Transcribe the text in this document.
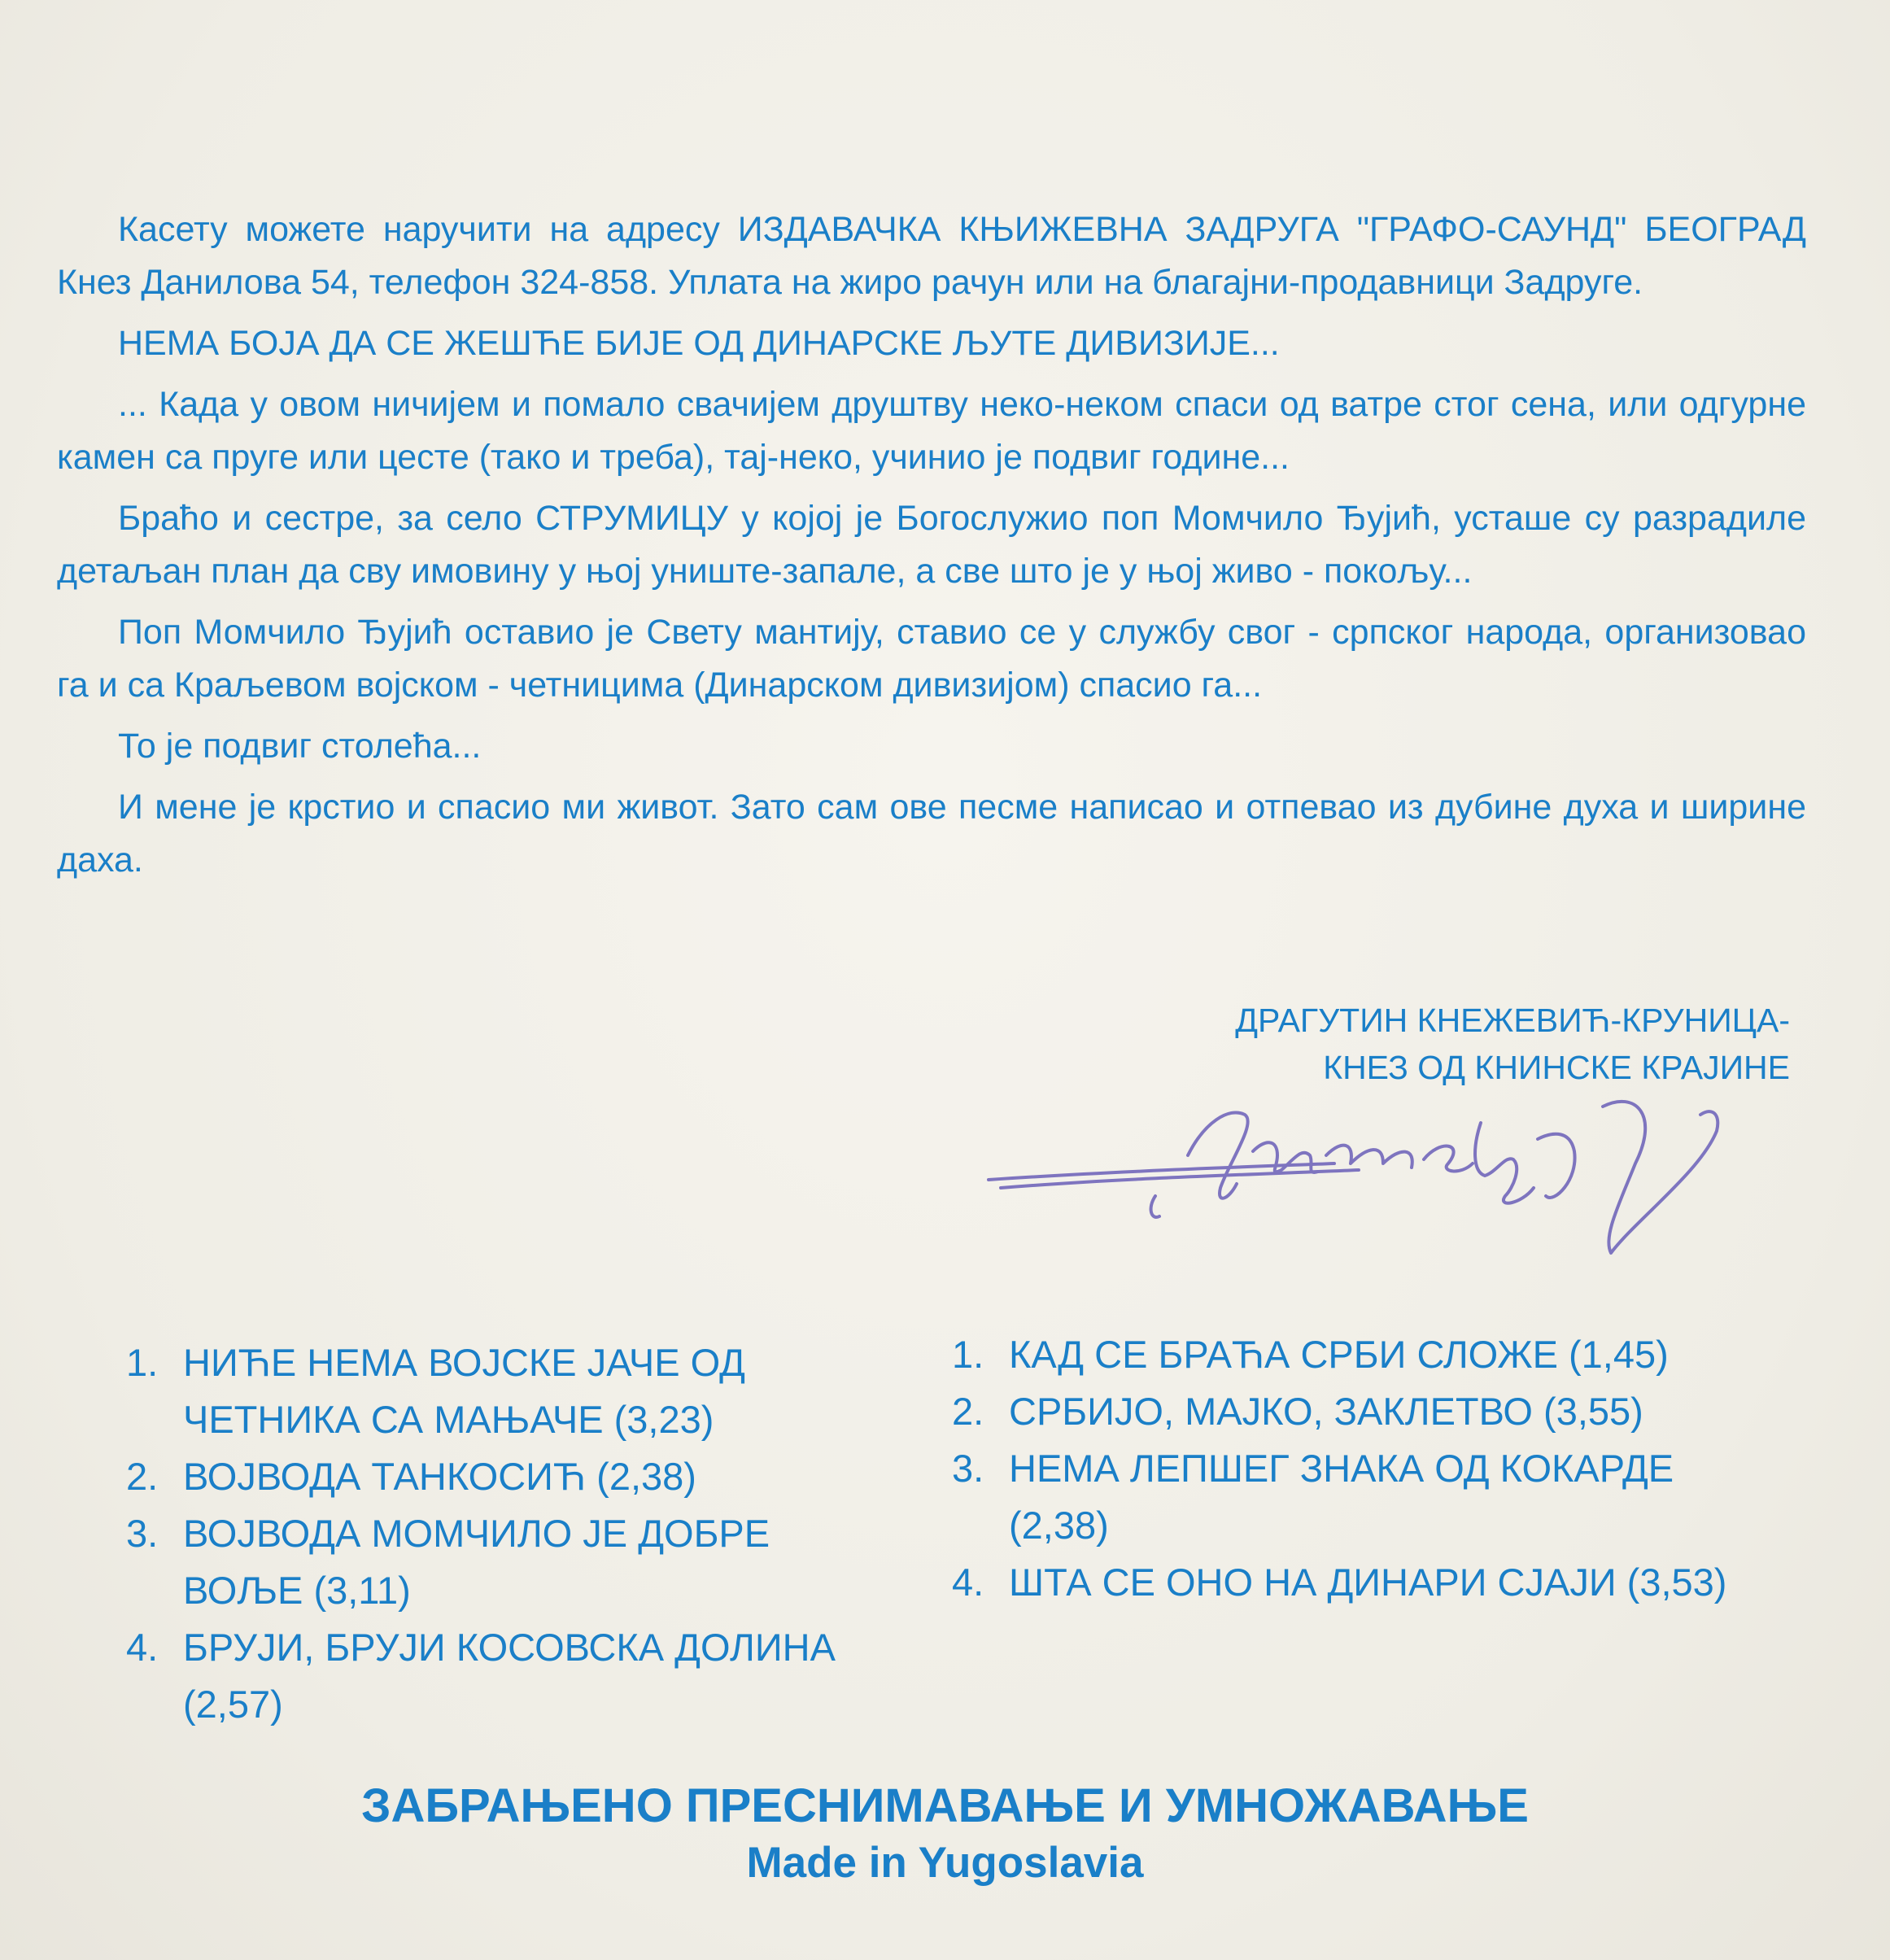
Касету можете наручити на адресу ИЗДАВАЧКА КЊИЖЕВНА ЗАДРУГА "ГРАФО-САУНД" БЕОГРАД Кнез Данилова 54, телефон 324-858. Уплата на жиро рачун или на благајни-продавници Задруге.

НЕМА БОЈА ДА СЕ ЖЕШЋЕ БИЈЕ ОД ДИНАРСКЕ ЉУТЕ ДИВИЗИЈЕ...

... Када у овом ничијем и помало свачијем друштву неко-неком спаси од ватре стог сена, или одгурне камен са пруге или цесте (тако и треба), тај-неко, учинио је подвиг године...

Браћо и сестре, за село СТРУМИЦУ у којој је Богослужио поп Момчило Ђујић, усташе су разрадиле детаљан план да сву имовину у њој униште-запале, а све што је у њој живо - покољу...

Поп Момчило Ђујић оставио је Свету мантију, ставио се у службу свог - српског народа, организовао га и са Краљевом војском - четницима (Динарском дивизијом) спасио га...

То је подвиг столећа...

И мене је крстио и спасио ми живот. Зато сам ове песме написао и отпевао из дубине духа и ширине даха.

ДРАГУТИН КНЕЖЕВИЋ-КРУНИЦА-
КНЕЗ ОД КНИНСКЕ КРАЈИНЕ
1. НИЋЕ НЕМА ВОЈСКЕ ЈАЧЕ ОД ЧЕТНИКА СА МАЊАЧЕ (3,23)
2. ВОЈВОДА ТАНКОСИЋ (2,38)
3. ВОЈВОДА МОМЧИЛО ЈЕ ДОБРЕ ВОЉЕ (3,11)
4. БРУЈИ, БРУЈИ КОСОВСКА ДОЛИНА (2,57)
1. КАД СЕ БРАЋА СРБИ СЛОЖЕ (1,45)
2. СРБИЈО, МАЈКО, ЗАКЛЕТВО (3,55)
3. НЕМА ЛЕПШЕГ ЗНАКА ОД КОКАРДЕ (2,38)
4. ШТА СЕ ОНО НА ДИНАРИ СЈАЈИ (3,53)
ЗАБРАЊЕНО ПРЕСНИМАВАЊЕ И УМНОЖАВАЊЕ
Made in Yugoslavia
